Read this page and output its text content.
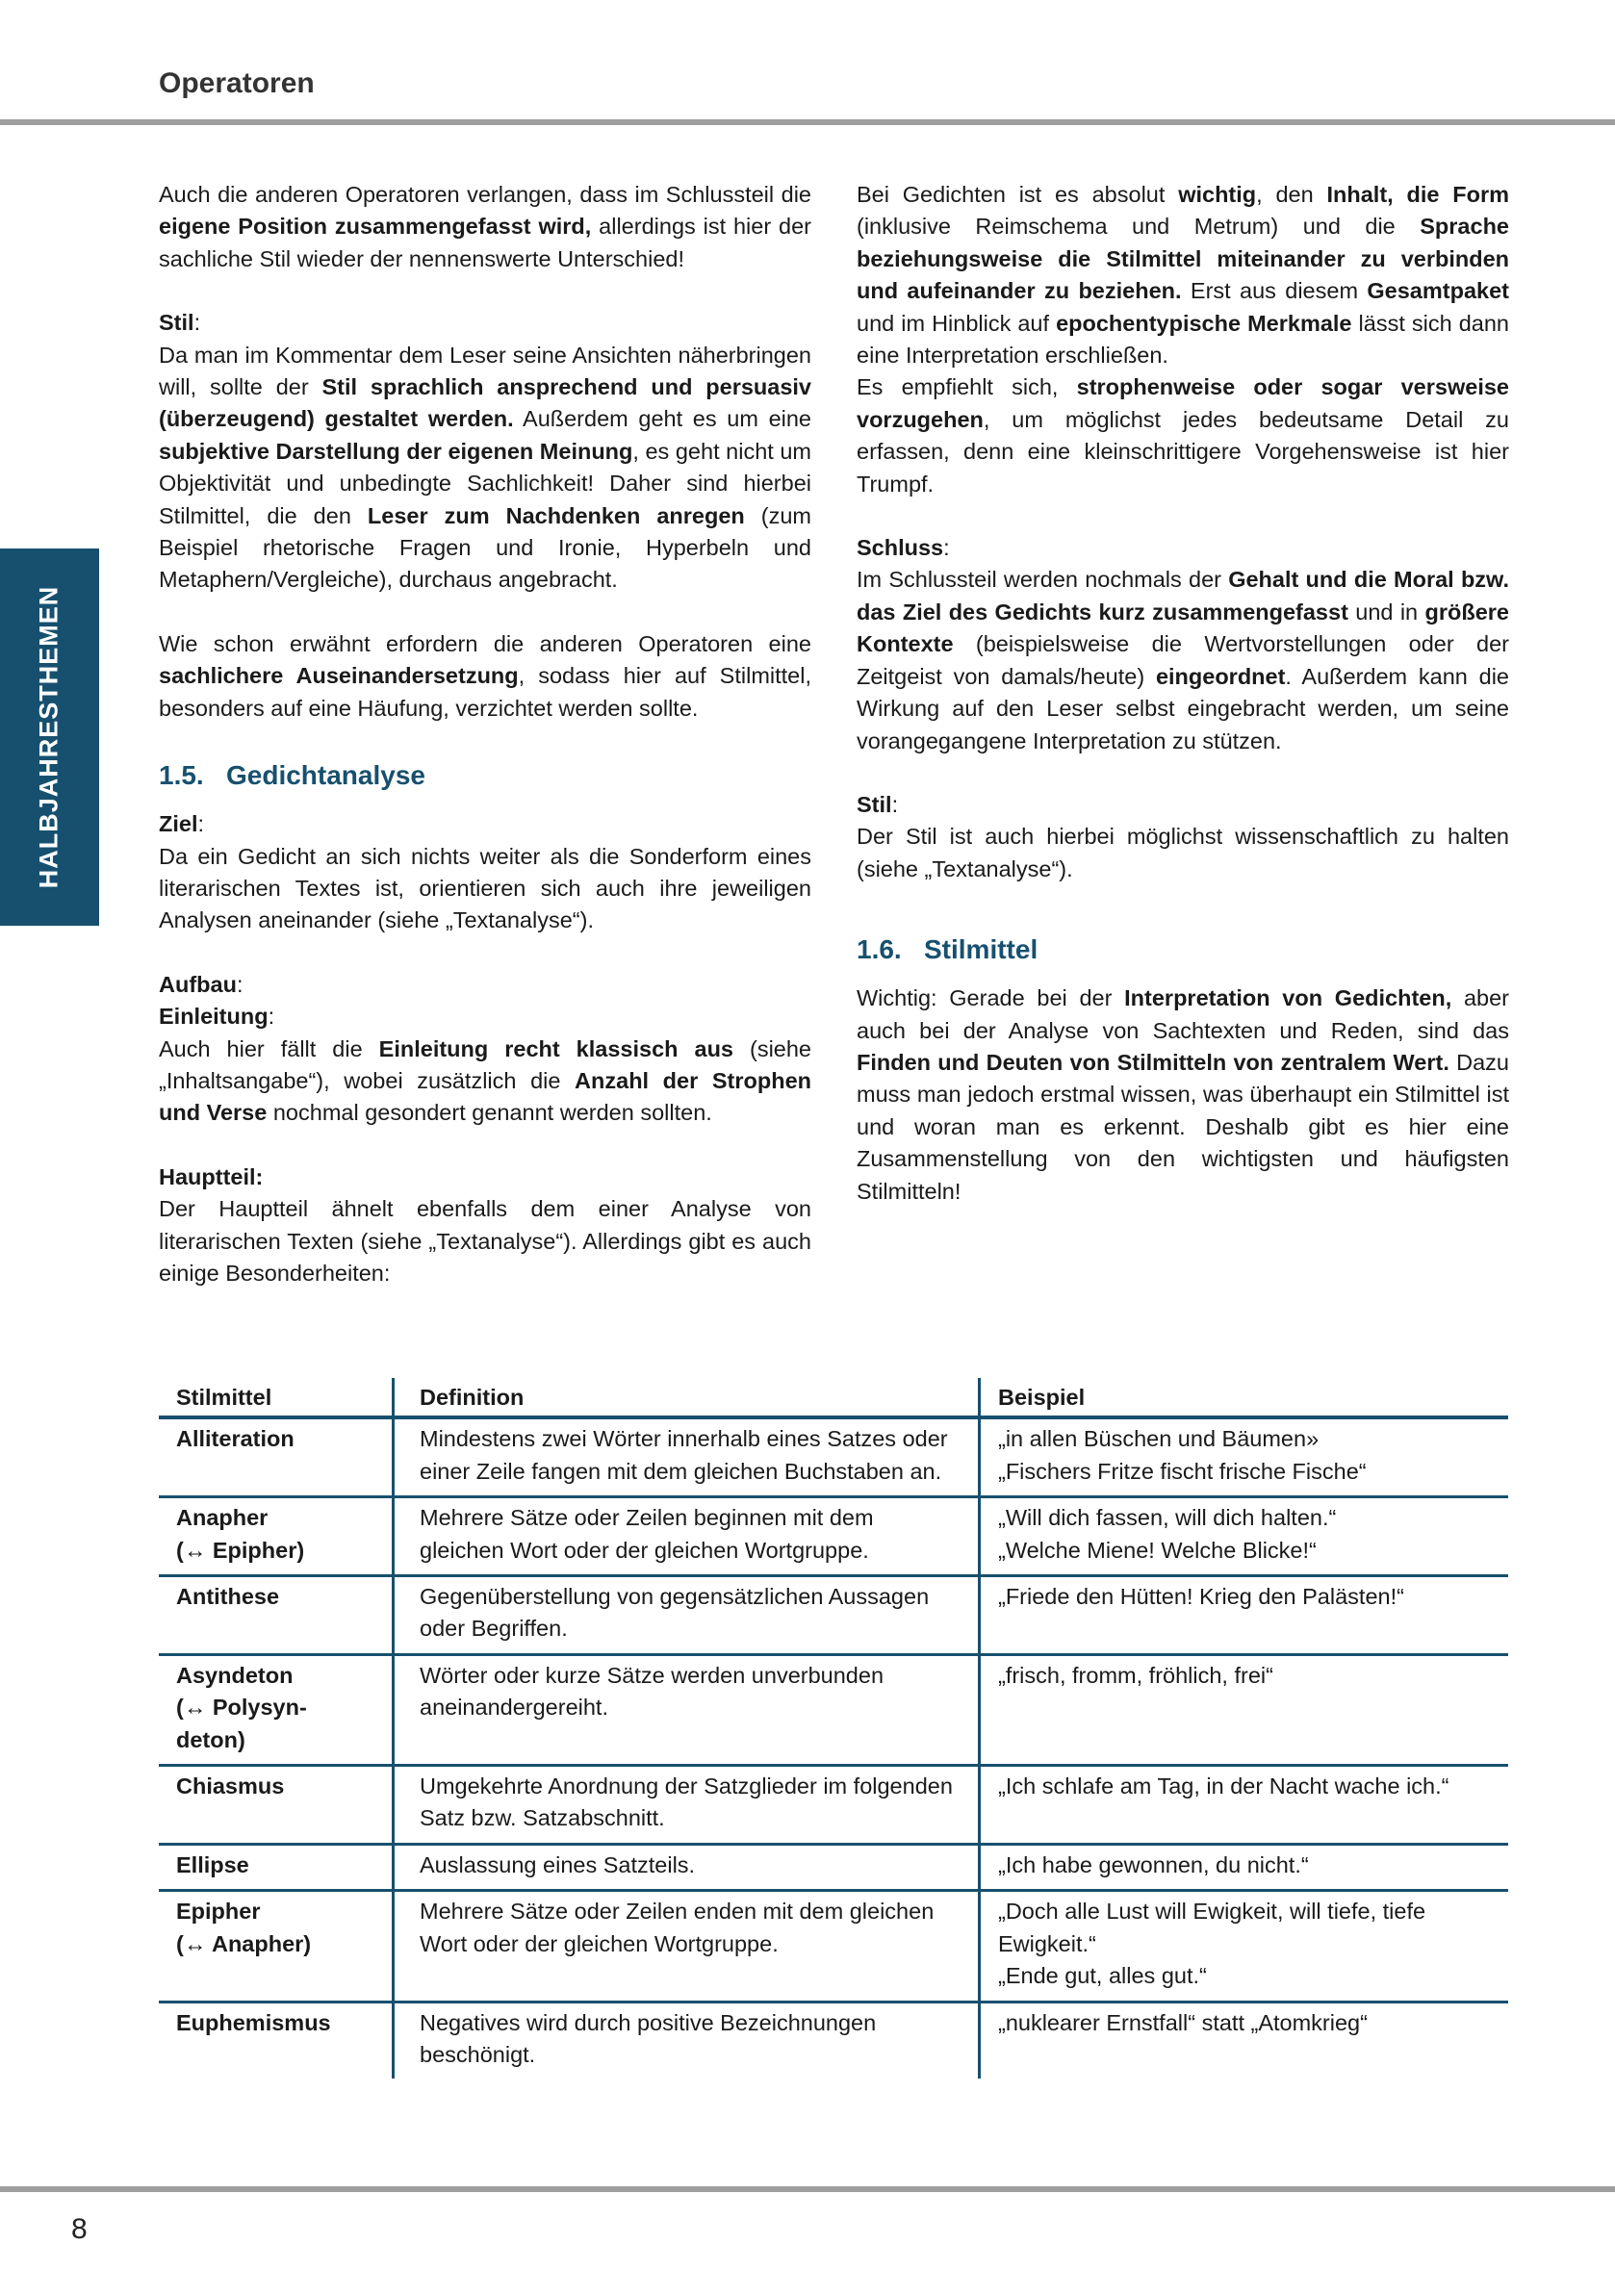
Operatoren
HALBJAHRESTHEMEN

Auch die anderen Operatoren verlangen, dass im Schlussteil die eigene Position zusammengefasst wird, allerdings ist hier der sachliche Stil wieder der nennenswerte Unterschied!

Stil:

Da man im Kommentar dem Leser seine Ansichten näherbringen will, sollte der Stil sprachlich ansprechend und persuasiv (überzeugend) gestaltet werden. Außerdem geht es um eine subjektive Darstellung der eigenen Meinung, es geht nicht um Objektivität und unbedingte Sachlichkeit! Daher sind hierbei Stilmittel, die den Leser zum Nachdenken anregen (zum Beispiel rhetorische Fragen und Ironie, Hyperbeln und Metaphern/Vergleiche), durchaus angebracht.

Wie schon erwähnt erfordern die anderen Operatoren eine sachlichere Auseinandersetzung, sodass hier auf Stilmittel, besonders auf eine Häufung, verzichtet werden sollte.

1.5. Gedichtanalyse

Ziel:

Da ein Gedicht an sich nichts weiter als die Sonderform eines literarischen Textes ist, orientieren sich auch ihre jeweiligen Analysen aneinander (siehe „Textanalyse“).

Aufbau:

Einleitung:

Auch hier fällt die Einleitung recht klassisch aus (siehe „Inhaltsangabe“), wobei zusätzlich die Anzahl der Strophen und Verse nochmal gesondert genannt werden sollten.

Hauptteil:

Der Hauptteil ähnelt ebenfalls dem einer Analyse von literarischen Texten (siehe „Textanalyse“). Allerdings gibt es auch einige Besonderheiten:

Bei Gedichten ist es absolut wichtig, den Inhalt, die Form (inklusive Reimschema und Metrum) und die Sprache beziehungsweise die Stilmittel miteinander zu verbinden und aufeinander zu beziehen. Erst aus diesem Gesamtpaket und im Hinblick auf epochentypische Merkmale lässt sich dann eine Interpretation erschließen.

Es empfiehlt sich, strophenweise oder sogar versweise vorzugehen, um möglichst jedes bedeutsame Detail zu erfassen, denn eine kleinschrittigere Vorgehensweise ist hier Trumpf.

Schluss:

Im Schlussteil werden nochmals der Gehalt und die Moral bzw. das Ziel des Gedichts kurz zusammengefasst und in größere Kontexte (beispielsweise die Wertvorstellungen oder der Zeitgeist von damals/heute) eingeordnet. Außerdem kann die Wirkung auf den Leser selbst eingebracht werden, um seine vorangegangene Interpretation zu stützen.

Stil:

Der Stil ist auch hierbei möglichst wissenschaftlich zu halten (siehe „Textanalyse“).

1.6. Stilmittel

Wichtig: Gerade bei der Interpretation von Gedichten, aber auch bei der Analyse von Sachtexten und Reden, sind das Finden und Deuten von Stilmitteln von zentralem Wert. Dazu muss man jedoch erstmal wissen, was überhaupt ein Stilmittel ist und woran man es erkennt. Deshalb gibt es hier eine Zusammenstellung von den wichtigsten und häufigsten Stilmitteln!

Stilmittel	Definition	Beispiel

Alliteration	Mindestens zwei Wörter innerhalb eines Satzes oder einer Zeile fangen mit dem gleichen Buchstaben an.	„in allen Büschen und Bäumen»
„Fischers Fritze fischt frische Fische“

Anapher
(↔ Epipher)	Mehrere Sätze oder Zeilen beginnen mit dem gleichen Wort oder der gleichen Wortgruppe.	„Will dich fassen, will dich halten.“
„Welche Miene! Welche Blicke!“

Antithese	Gegenüberstellung von gegensätzlichen Aussagen oder Begriffen.	„Friede den Hütten! Krieg den Palästen!“

Asyndeton
(↔ Polysyn-
deton)	Wörter oder kurze Sätze werden unverbunden aneinandergereiht.	„frisch, fromm, fröhlich, frei“

Chiasmus	Umgekehrte Anordnung der Satzglieder im folgenden Satz bzw. Satzabschnitt.	„Ich schlafe am Tag, in der Nacht wache ich.“

Ellipse	Auslassung eines Satzteils.	„Ich habe gewonnen, du nicht.“

Epipher
(↔ Anapher)	Mehrere Sätze oder Zeilen enden mit dem gleichen Wort oder der gleichen Wortgruppe.	„Doch alle Lust will Ewigkeit, will tiefe, tiefe Ewigkeit.“
„Ende gut, alles gut.“

Euphemismus	Negatives wird durch positive Bezeichnungen beschönigt.	„nuklearer Ernstfall“ statt „Atomkrieg“
8
